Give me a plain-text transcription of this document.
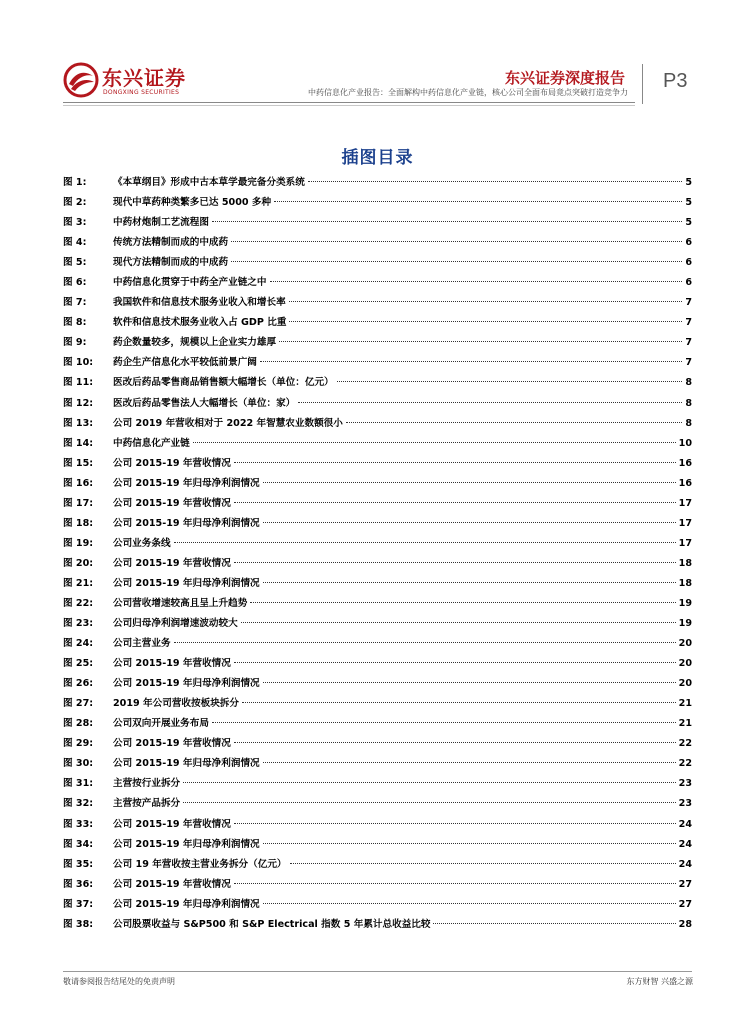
东兴证券
DONGXING SECURITIES
东兴证券深度报告
中药信息化产业报告：全面解构中药信息化产业链，核心公司全面布局竟点突破打造竞争力
P3
插图目录
图 1:	《本草纲目》形成中古本草学最完备分类系统	5
图 2:	现代中草药种类繁多已达 5000 多种	5
图 3:	中药材炮制工艺流程图	5
图 4:	传统方法精制而成的中成药	6
图 5:	现代方法精制而成的中成药	6
图 6:	中药信息化贯穿于中药全产业链之中	6
图 7:	我国软件和信息技术服务业收入和增长率	7
图 8:	软件和信息技术服务业收入占 GDP 比重	7
图 9:	药企数量较多，规模以上企业实力雄厚	7
图 10:	药企生产信息化水平较低前景广阔	7
图 11:	医改后药品零售商品销售额大幅增长（单位：亿元）	8
图 12:	医改后药品零售法人大幅增长（单位：家）	8
图 13:	公司 2019 年营收相对于 2022 年智慧农业数额很小	8
图 14:	中药信息化产业链	10
图 15:	公司 2015-19 年营收情况	16
图 16:	公司 2015-19 年归母净利润情况	16
图 17:	公司 2015-19 年营收情况	17
图 18:	公司 2015-19 年归母净利润情况	17
图 19:	公司业务条线	17
图 20:	公司 2015-19 年营收情况	18
图 21:	公司 2015-19 年归母净利润情况	18
图 22:	公司营收增速较高且呈上升趋势	19
图 23:	公司归母净利润增速波动较大	19
图 24:	公司主营业务	20
图 25:	公司 2015-19 年营收情况	20
图 26:	公司 2015-19 年归母净利润情况	20
图 27:	2019 年公司营收按板块拆分	21
图 28:	公司双向开展业务布局	21
图 29:	公司 2015-19 年营收情况	22
图 30:	公司 2015-19 年归母净利润情况	22
图 31:	主营按行业拆分	23
图 32:	主营按产品拆分	23
图 33:	公司 2015-19 年营收情况	24
图 34:	公司 2015-19 年归母净利润情况	24
图 35:	公司 19 年营收按主营业务拆分（亿元）	24
图 36:	公司 2015-19 年营收情况	27
图 37:	公司 2015-19 年归母净利润情况	27
图 38:	公司股票收益与 S&P500 和 S&P Electrical 指数 5 年累计总收益比较	28
敬请参阅报告结尾处的免责声明	东方财智 兴盛之源
